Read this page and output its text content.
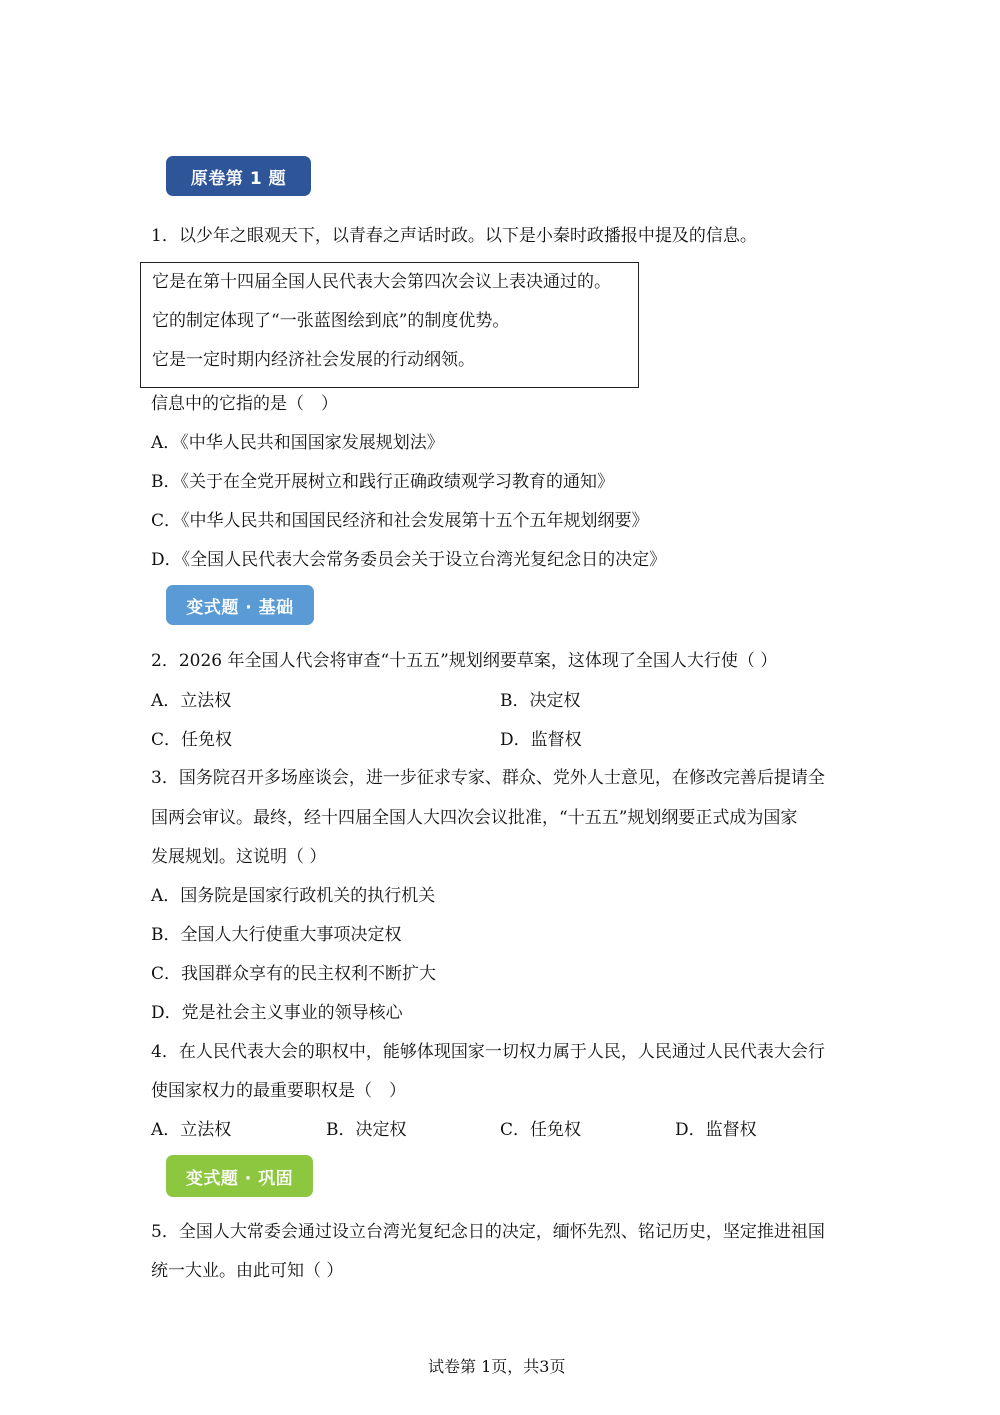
原卷第 1 题
1．以少年之眼观天下，以青春之声话时政。以下是小秦时政播报中提及的信息。
它是在第十四届全国人民代表大会第四次会议上表决通过的。
它的制定体现了“一张蓝图绘到底”的制度优势。
它是一定时期内经济社会发展的行动纲领。
信息中的它指的是（　）
A．《中华人民共和国国家发展规划法》
B．《关于在全党开展树立和践行正确政绩观学习教育的通知》
C．《中华人民共和国国民经济和社会发展第十五个五年规划纲要》
D．《全国人民代表大会常务委员会关于设立台湾光复纪念日的决定》
变式题 · 基础
2．2026 年全国人代会将审查“十五五”规划纲要草案，这体现了全国人大行使（ ）
A．立法权	B．决定权
C．任免权	D．监督权
3．国务院召开多场座谈会，进一步征求专家、群众、党外人士意见，在修改完善后提请全
国两会审议。最终，经十四届全国人大四次会议批准，“十五五”规划纲要正式成为国家
发展规划。这说明（ ）
A．国务院是国家行政机关的执行机关
B．全国人大行使重大事项决定权
C．我国群众享有的民主权利不断扩大
D．党是社会主义事业的领导核心
4．在人民代表大会的职权中，能够体现国家一切权力属于人民，人民通过人民代表大会行
使国家权力的最重要职权是（　）
A．立法权	B．决定权	C．任免权	D．监督权
变式题 · 巩固
5．全国人大常委会通过设立台湾光复纪念日的决定，缅怀先烈、铭记历史，坚定推进祖国
统一大业。由此可知（ ）
试卷第 1页，共3页
